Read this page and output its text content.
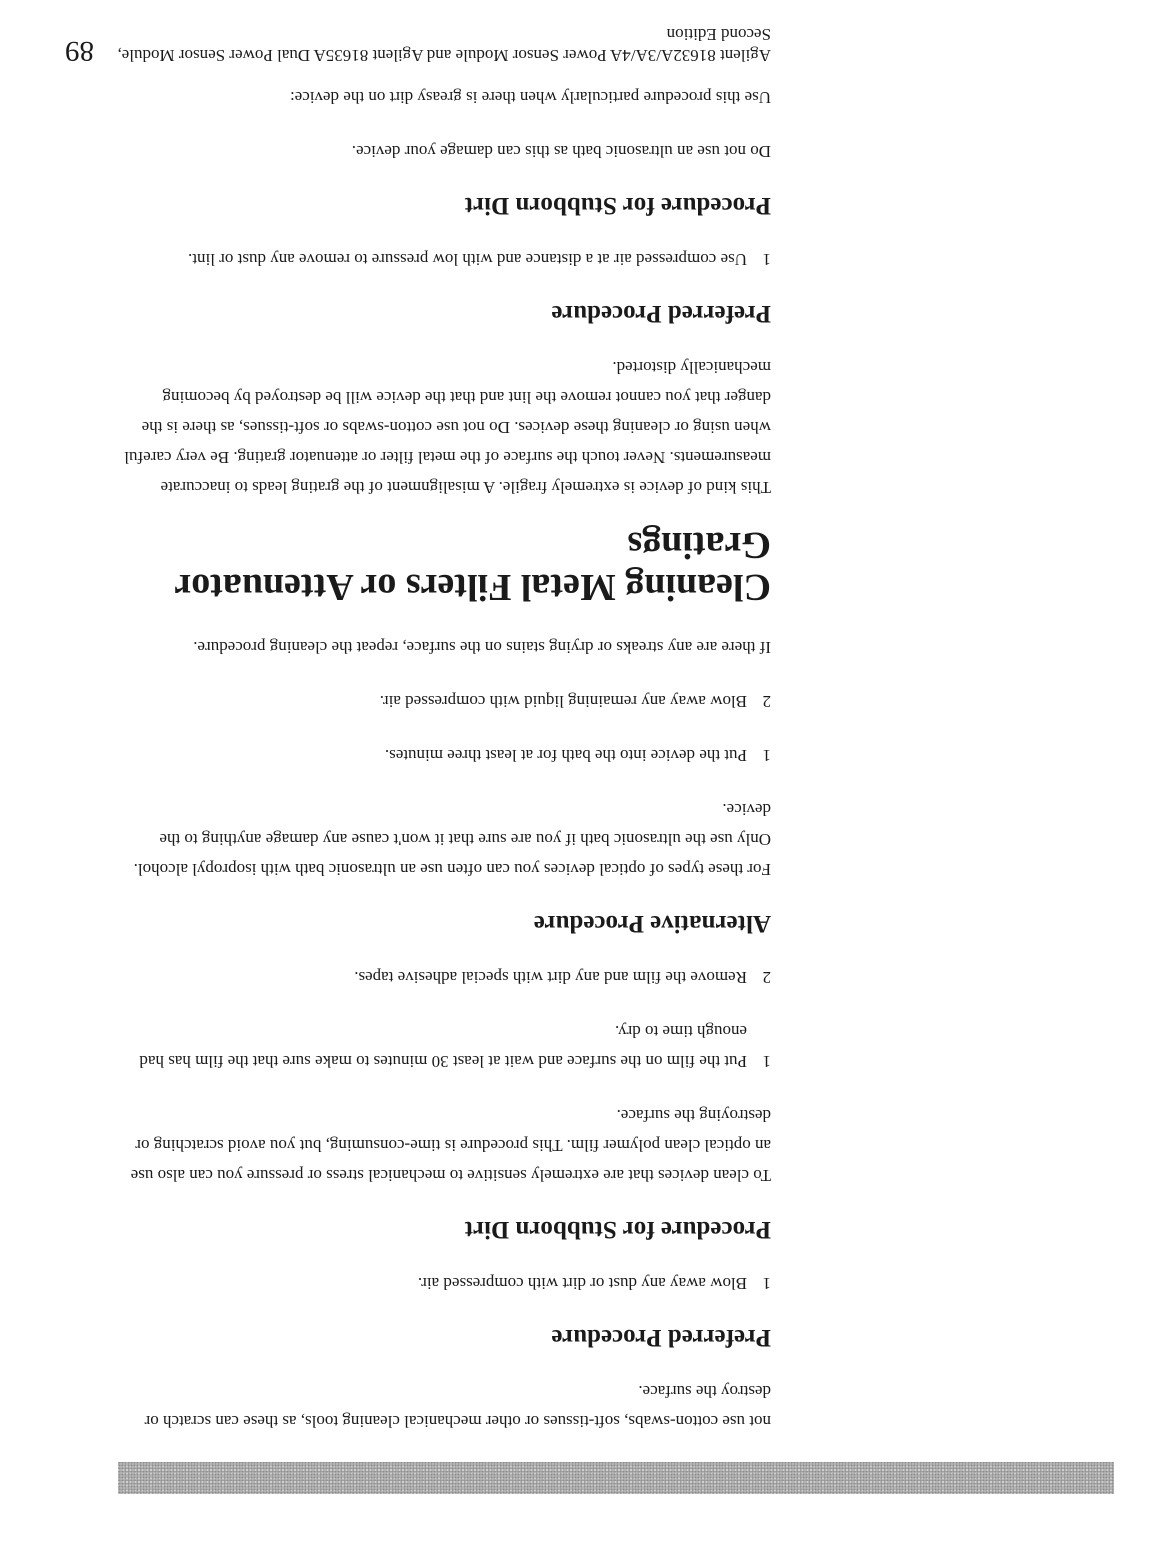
not use cotton-swabs, soft-tissues or other mechanical cleaning tools, as these can scratch or destroy the surface.

Preferred Procedure
1
Blow away any dust or dirt with compressed air.
Procedure for Stubborn Dirt

To clean devices that are extremely sensitive to mechanical stress or pressure you can also use an optical clean polymer film. This procedure is time-consuming, but you avoid scratching or destroying the surface.

1
Put the film on the surface and wait at least 30 minutes to make sure that the film has had enough time to dry.
2
Remove the film and any dirt with special adhesive tapes.
Alternative Procedure

For these types of optical devices you can often use an ultrasonic bath with isopropyl alcohol. Only use the ultrasonic bath if you are sure that it won't cause any damage anything to the device.

1
Put the device into the bath for at least three minutes.
2
Blow away any remaining liquid with compressed air.

If there are any streaks or drying stains on the surface, repeat the cleaning procedure.

Cleaning Metal Filters or Attenuator Gratings

This kind of device is extremely fragile. A misalignment of the grating leads to inaccurate measurements. Never touch the surface of the metal filter or attenuator grating. Be very careful when using or cleaning these devices. Do not use cotton-swabs or soft-tissues, as there is the danger that you cannot remove the lint and that the device will be destroyed by becoming mechanically distorted.

Preferred Procedure
1
Use compressed air at a distance and with low pressure to remove any dust or lint.
Procedure for Stubborn Dirt

Do not use an ultrasonic bath as this can damage your device.

Use this procedure particularly when there is greasy dirt on the device:

Agilent 81632A/3A/4A Power Sensor Module and Agilent 81635A Dual Power Sensor Module, Second Edition
89
